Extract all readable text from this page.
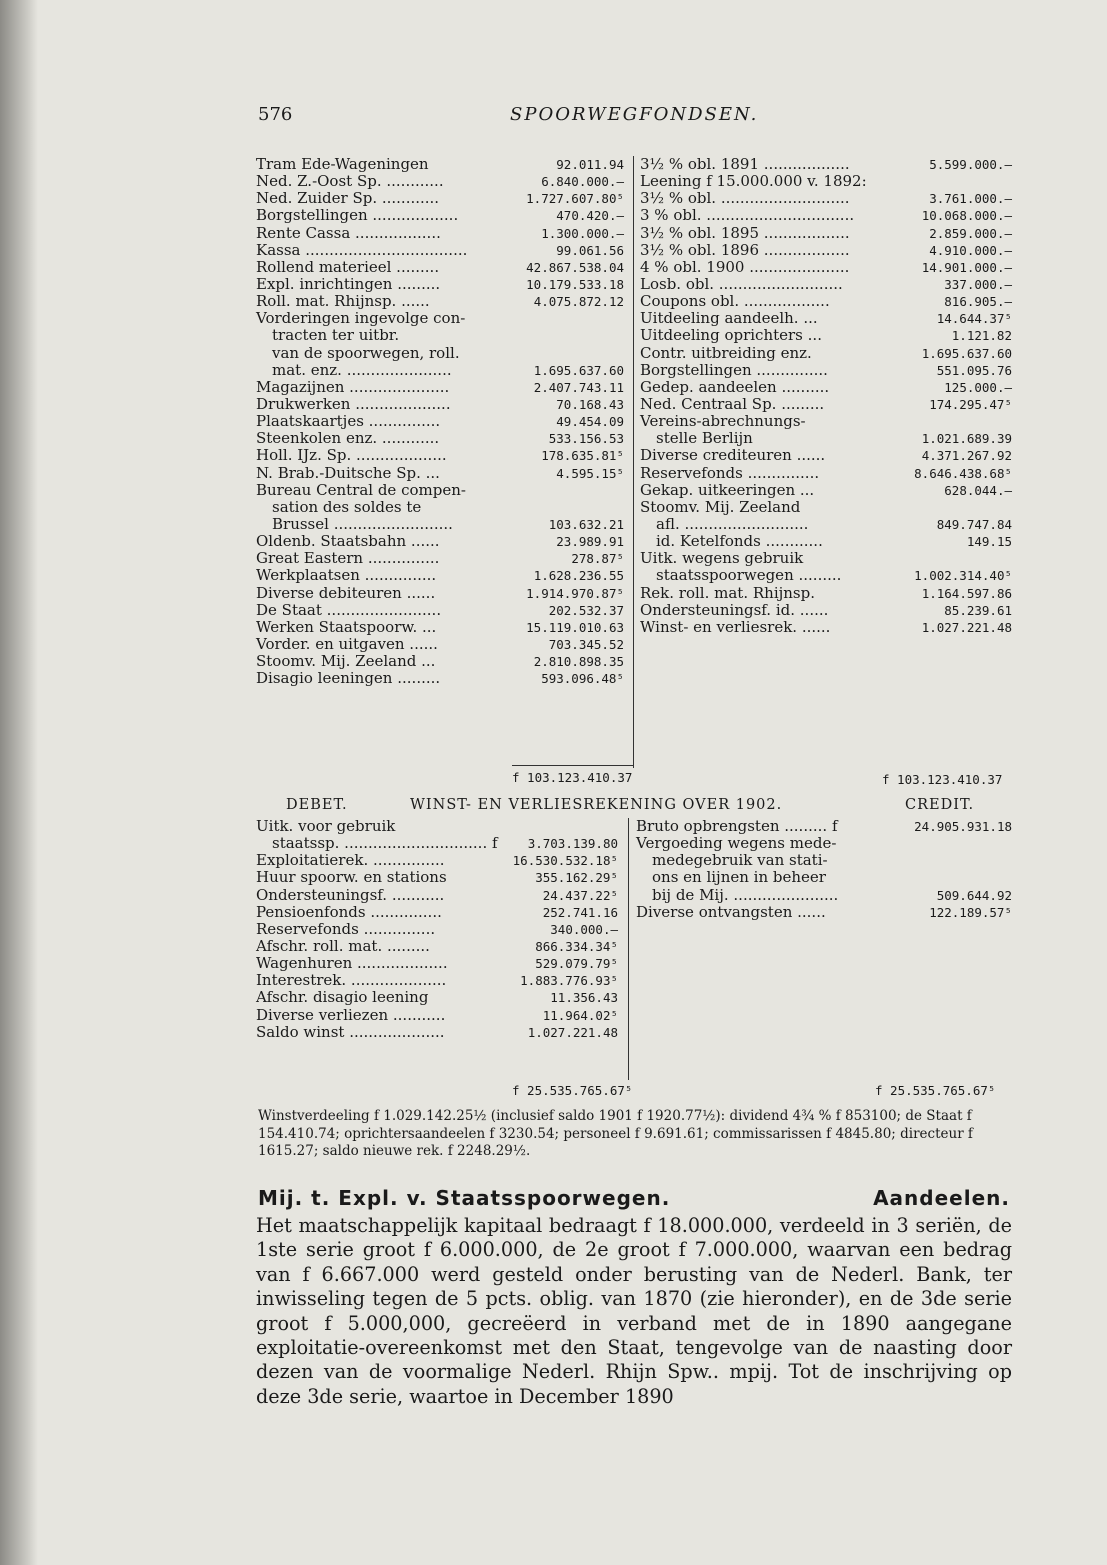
576	SPOORWEGFONDSEN.
Tram Ede-Wageningen	92.011.94
Ned. Z.-Oost Sp. ............	6.840.000.—
Ned. Zuider Sp. ............	1.727.607.80⁵
Borgstellingen ..................	470.420.—
Rente Cassa ..................	1.300.000.—
Kassa ..................................	99.061.56
Rollend materieel .........	42.867.538.04
Expl. inrichtingen .........	10.179.533.18
Roll. mat. Rhijnsp. ......	4.075.872.12
Vorderingen ingevolge con-
tracten ter uitbr.
van de spoorwegen, roll.
mat. enz. ......................	1.695.637.60
Magazijnen .....................	2.407.743.11
Drukwerken ....................	70.168.43
Plaatskaartjes ...............	49.454.09
Steenkolen enz. ............	533.156.53
Holl. IJz. Sp. ...................	178.635.81⁵
N. Brab.-Duitsche Sp. ...	4.595.15⁵
Bureau Central de compen-
sation des soldes te
Brussel .........................	103.632.21
Oldenb. Staatsbahn ......	23.989.91
Great Eastern ...............	278.87⁵
Werkplaatsen ...............	1.628.236.55
Diverse debiteuren ......	1.914.970.87⁵
De Staat ........................	202.532.37
Werken Staatspoorw. ...	15.119.010.63
Vorder. en uitgaven ......	703.345.52
Stoomv. Mij. Zeeland ...	2.810.898.35
Disagio leeningen .........	593.096.48⁵
3½ % obl. 1891 ..................	5.599.000.—
Leening f 15.000.000 v. 1892:
3½ % obl. ...........................	3.761.000.—
3 % obl. ...............................	10.068.000.—
3½ % obl. 1895 ..................	2.859.000.—
3½ % obl. 1896 ..................	4.910.000.—
4 % obl. 1900 .....................	14.901.000.—
Losb. obl. ..........................	337.000.—
Coupons obl. ..................	816.905.—
Uitdeeling aandeelh. ...	14.644.37⁵
Uitdeeling oprichters ...	1.121.82
Contr. uitbreiding enz.	1.695.637.60
Borgstellingen ...............	551.095.76
Gedep. aandeelen ..........	125.000.—
Ned. Centraal Sp. .........	174.295.47⁵
Vereins-abrechnungs-
stelle Berlijn	1.021.689.39
Diverse crediteuren ......	4.371.267.92
Reservefonds ...............	8.646.438.68⁵
Gekap. uitkeeringen ...	628.044.—
Stoomv. Mij. Zeeland
afl. ..........................	849.747.84
id. Ketelfonds ............	149.15
Uitk. wegens gebruik
staatsspoorwegen .........	1.002.314.40⁵
Rek. roll. mat. Rhijnsp.	1.164.597.86
Ondersteuningsf. id. ......	85.239.61
Winst- en verliesrek. ......	1.027.221.48
f 103.123.410.37	f 103.123.410.37
DEBET.	WINST- EN VERLIESREKENING OVER 1902.	CREDIT.
Uitk. voor gebruik
staatssp. .............................. f 3.703.139.80
Exploitatierek. ...............	16.530.532.18⁵
Huur spoorw. en stations	355.162.29⁵
Ondersteuningsf. ...........	24.437.22⁵
Pensioenfonds ...............	252.741.16
Reservefonds ...............	340.000.—
Afschr. roll. mat. .........	866.334.34⁵
Wagenhuren ...................	529.079.79⁵
Interestrek. ....................	1.883.776.93⁵
Afschr. disagio leening	11.356.43
Diverse verliezen ...........	11.964.02⁵
Saldo winst ....................	1.027.221.48
Bruto opbrengsten ......... f	24.905.931.18
Vergoeding wegens mede-
medegebruik van stati-
ons en lijnen in beheer
bij de Mij. ......................	509.644.92
Diverse ontvangsten ......	122.189.57⁵
f 25.535.765.67⁵	f 25.535.765.67⁵
Winstverdeeling f 1.029.142.25½ (inclusief saldo 1901 f 1920.77½): dividend 4¾ % f 853100; de Staat f 154.410.74; oprichtersaandeelen f 3230.54; personeel f 9.691.61; commissarissen f 4845.80; directeur f 1615.27; saldo nieuwe rek. f 2248.29½.
Mij. t. Expl. v. Staatsspoorwegen.	Aandeelen.
Het maatschappelijk kapitaal bedraagt f 18.000.000, verdeeld in 3 seriën, de 1ste serie groot f 6.000.000, de 2e groot f 7.000.000, waarvan een bedrag van f 6.667.000 werd gesteld onder berusting van de Nederl. Bank, ter inwisseling tegen de 5 pcts. oblig. van 1870 (zie hieronder), en de 3de serie groot f 5.000,000, gecreëerd in verband met de in 1890 aangegane exploitatie-overeenkomst met den Staat, tengevolge van de naasting door dezen van de voormalige Nederl. Rhijn Spw.. mpij. Tot de inschrijving op deze 3de serie, waartoe in December 1890
